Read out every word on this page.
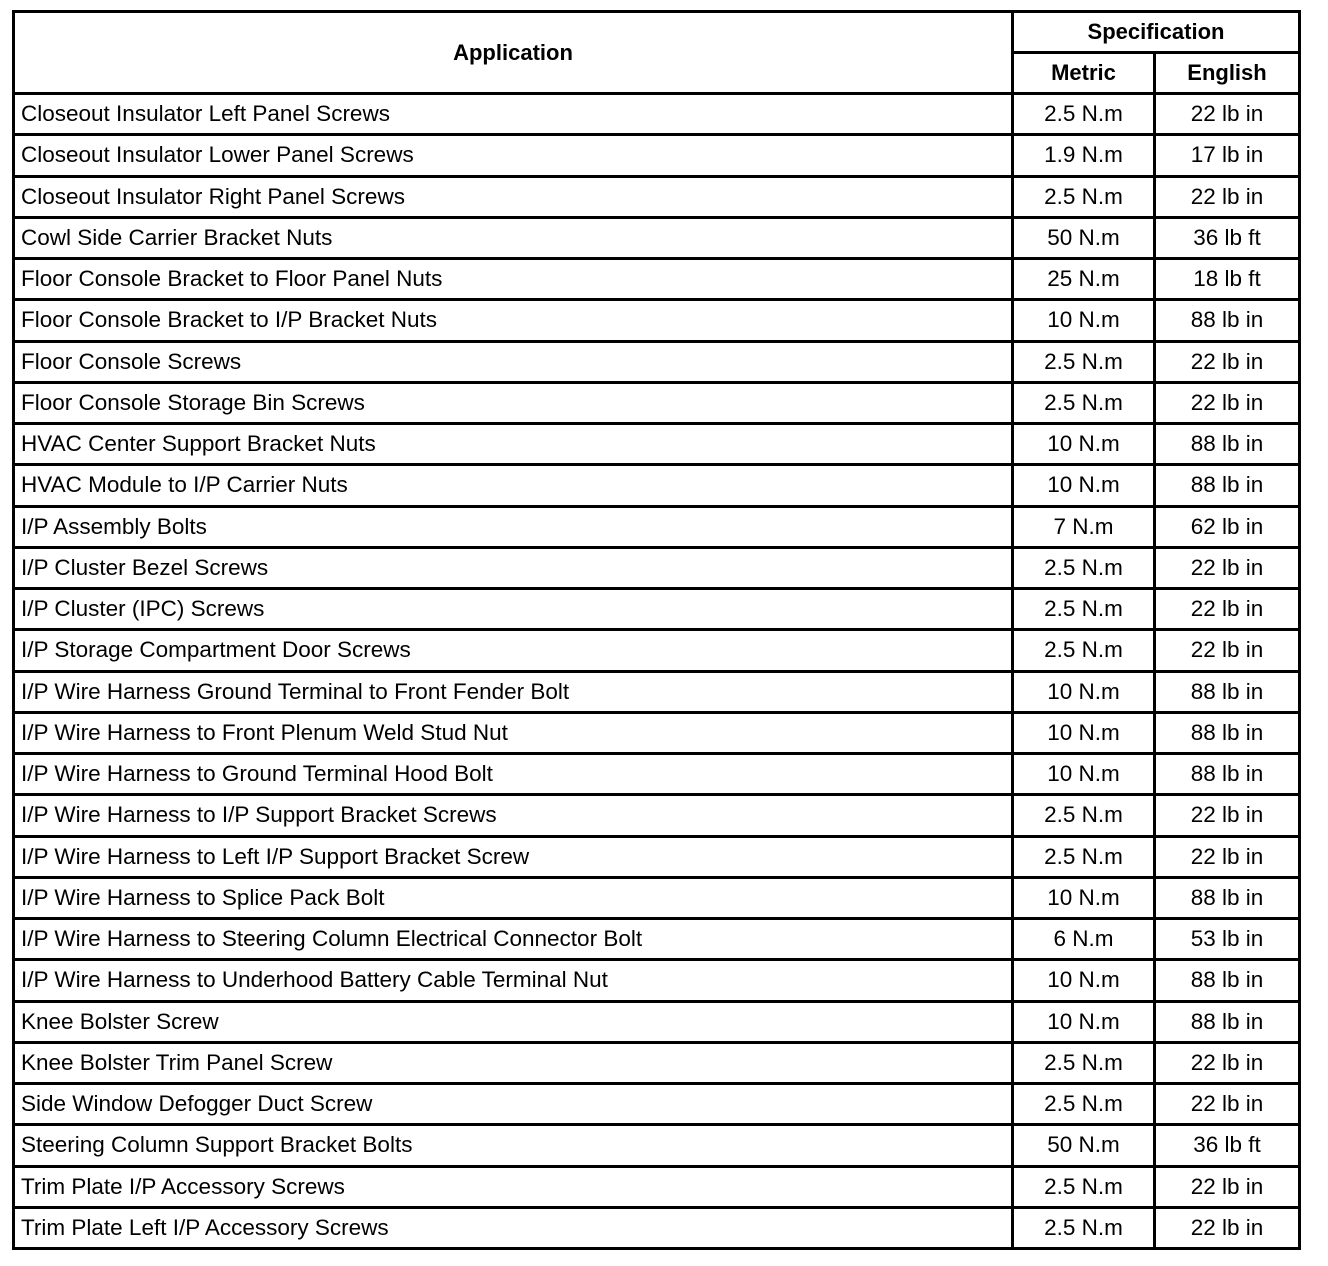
Application	Specification	
	Metric	English
Closeout Insulator Left Panel Screws	2.5 N.m	22 lb in
Closeout Insulator Lower Panel Screws	1.9 N.m	17 lb in
Closeout Insulator Right Panel Screws	2.5 N.m	22 lb in
Cowl Side Carrier Bracket Nuts	50 N.m	36 lb ft
Floor Console Bracket to Floor Panel Nuts	25 N.m	18 lb ft
Floor Console Bracket to I/P Bracket Nuts	10 N.m	88 lb in
Floor Console Screws	2.5 N.m	22 lb in
Floor Console Storage Bin Screws	2.5 N.m	22 lb in
HVAC Center Support Bracket Nuts	10 N.m	88 lb in
HVAC Module to I/P Carrier Nuts	10 N.m	88 lb in
I/P Assembly Bolts	7 N.m	62 lb in
I/P Cluster Bezel Screws	2.5 N.m	22 lb in
I/P Cluster (IPC) Screws	2.5 N.m	22 lb in
I/P Storage Compartment Door Screws	2.5 N.m	22 lb in
I/P Wire Harness Ground Terminal to Front Fender Bolt	10 N.m	88 lb in
I/P Wire Harness to Front Plenum Weld Stud Nut	10 N.m	88 lb in
I/P Wire Harness to Ground Terminal Hood Bolt	10 N.m	88 lb in
I/P Wire Harness to I/P Support Bracket Screws	2.5 N.m	22 lb in
I/P Wire Harness to Left I/P Support Bracket Screw	2.5 N.m	22 lb in
I/P Wire Harness to Splice Pack Bolt	10 N.m	88 lb in
I/P Wire Harness to Steering Column Electrical Connector Bolt	6 N.m	53 lb in
I/P Wire Harness to Underhood Battery Cable Terminal Nut	10 N.m	88 lb in
Knee Bolster Screw	10 N.m	88 lb in
Knee Bolster Trim Panel Screw	2.5 N.m	22 lb in
Side Window Defogger Duct Screw	2.5 N.m	22 lb in
Steering Column Support Bracket Bolts	50 N.m	36 lb ft
Trim Plate I/P Accessory Screws	2.5 N.m	22 lb in
Trim Plate Left I/P Accessory Screws	2.5 N.m	22 lb in
